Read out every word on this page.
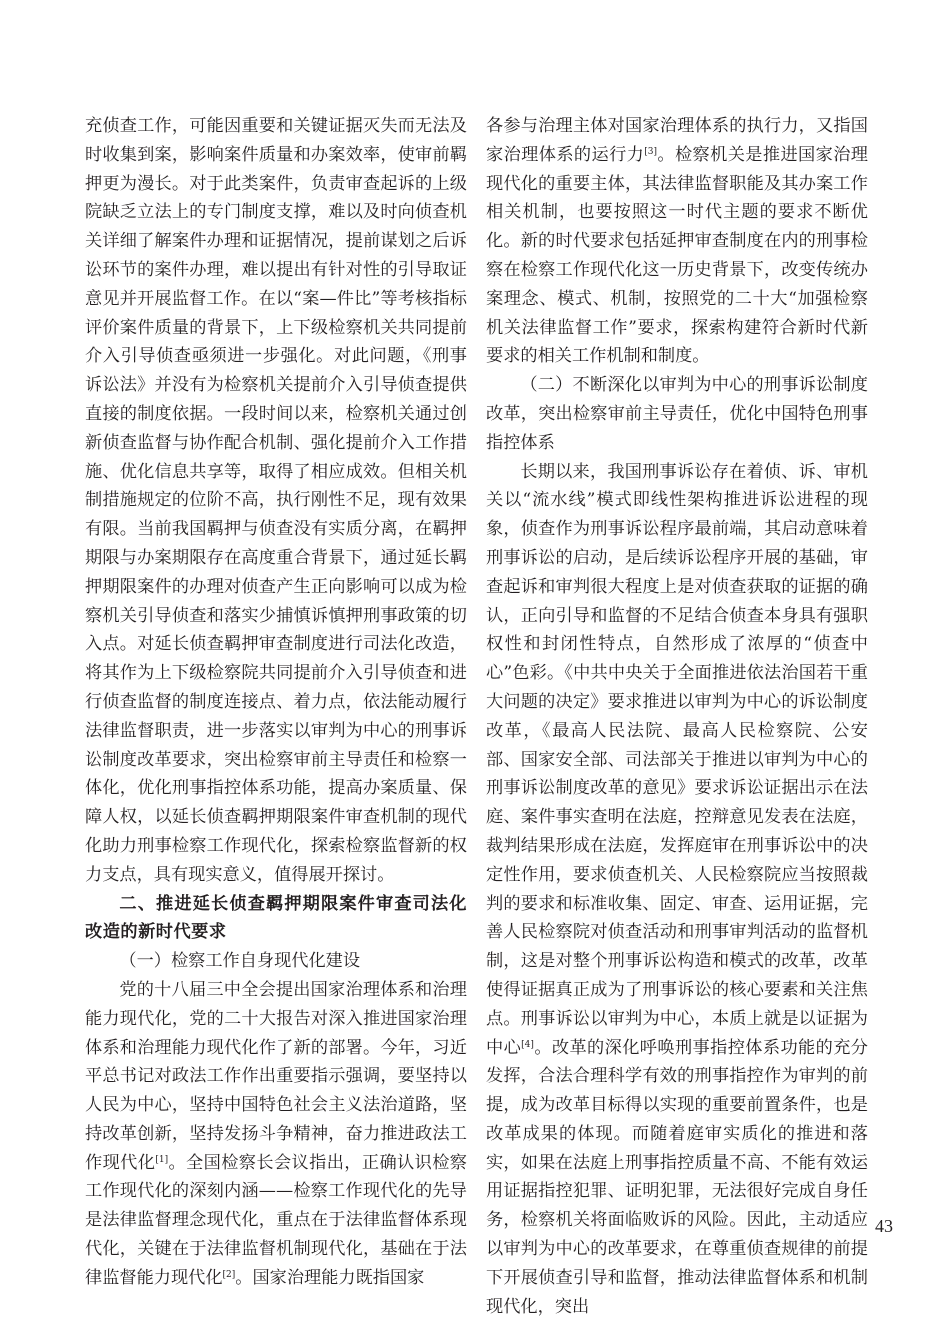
充侦查工作，可能因重要和关键证据灭失而无法及时收集到案，影响案件质量和办案效率，使审前羁押更为漫长。对于此类案件，负责审查起诉的上级院缺乏立法上的专门制度支撑，难以及时向侦查机关详细了解案件办理和证据情况，提前谋划之后诉讼环节的案件办理，难以提出有针对性的引导取证意见并开展监督工作。在以“案—件比”等考核指标评价案件质量的背景下，上下级检察机关共同提前介入引导侦查亟须进一步强化。对此问题，《刑事诉讼法》并没有为检察机关提前介入引导侦查提供直接的制度依据。一段时间以来，检察机关通过创新侦查监督与协作配合机制、强化提前介入工作措施、优化信息共享等，取得了相应成效。但相关机制措施规定的位阶不高，执行刚性不足，现有效果有限。当前我国羁押与侦查没有实质分离，在羁押期限与办案期限存在高度重合背景下，通过延长羁押期限案件的办理对侦查产生正向影响可以成为检察机关引导侦查和落实少捕慎诉慎押刑事政策的切入点。对延长侦查羁押审查制度进行司法化改造，将其作为上下级检察院共同提前介入引导侦查和进行侦查监督的制度连接点、着力点，依法能动履行法律监督职责，进一步落实以审判为中心的刑事诉讼制度改革要求，突出检察审前主导责任和检察一体化，优化刑事指控体系功能，提高办案质量、保障人权，以延长侦查羁押期限案件审查机制的现代化助力刑事检察工作现代化，探索检察监督新的权力支点，具有现实意义，值得展开探讨。

二、推进延长侦查羁押期限案件审查司法化改造的新时代要求
（一）检察工作自身现代化建设

党的十八届三中全会提出国家治理体系和治理能力现代化，党的二十大报告对深入推进国家治理体系和治理能力现代化作了新的部署。今年，习近平总书记对政法工作作出重要指示强调，要坚持以人民为中心，坚持中国特色社会主义法治道路，坚持改革创新，坚持发扬斗争精神，奋力推进政法工作现代化[1]。全国检察长会议指出，正确认识检察工作现代化的深刻内涵——检察工作现代化的先导是法律监督理念现代化，重点在于法律监督体系现代化，关键在于法律监督机制现代化，基础在于法律监督能力现代化[2]。国家治理能力既指国家

各参与治理主体对国家治理体系的执行力，又指国家治理体系的运行力[3]。检察机关是推进国家治理现代化的重要主体，其法律监督职能及其办案工作相关机制，也要按照这一时代主题的要求不断优化。新的时代要求包括延押审查制度在内的刑事检察在检察工作现代化这一历史背景下，改变传统办案理念、模式、机制，按照党的二十大“加强检察机关法律监督工作”要求，探索构建符合新时代新要求的相关工作机制和制度。

（二）不断深化以审判为中心的刑事诉讼制度改革，突出检察审前主导责任，优化中国特色刑事指控体系

长期以来，我国刑事诉讼存在着侦、诉、审机关以“流水线”模式即线性架构推进诉讼进程的现象，侦查作为刑事诉讼程序最前端，其启动意味着刑事诉讼的启动，是后续诉讼程序开展的基础，审查起诉和审判很大程度上是对侦查获取的证据的确认，正向引导和监督的不足结合侦查本身具有强职权性和封闭性特点，自然形成了浓厚的“侦查中心”色彩。《中共中央关于全面推进依法治国若干重大问题的决定》要求推进以审判为中心的诉讼制度改革，《最高人民法院、最高人民检察院、公安部、国家安全部、司法部关于推进以审判为中心的刑事诉讼制度改革的意见》要求诉讼证据出示在法庭、案件事实查明在法庭，控辩意见发表在法庭，裁判结果形成在法庭，发挥庭审在刑事诉讼中的决定性作用，要求侦查机关、人民检察院应当按照裁判的要求和标准收集、固定、审查、运用证据，完善人民检察院对侦查活动和刑事审判活动的监督机制，这是对整个刑事诉讼构造和模式的改革，改革使得证据真正成为了刑事诉讼的核心要素和关注焦点。刑事诉讼以审判为中心，本质上就是以证据为中心[4]。改革的深化呼唤刑事指控体系功能的充分发挥，合法合理科学有效的刑事指控作为审判的前提，成为改革目标得以实现的重要前置条件，也是改革成果的体现。而随着庭审实质化的推进和落实，如果在法庭上刑事指控质量不高、不能有效运用证据指控犯罪、证明犯罪，无法很好完成自身任务，检察机关将面临败诉的风险。因此，主动适应以审判为中心的改革要求，在尊重侦查规律的前提下开展侦查引导和监督，推动法律监督体系和机制现代化，突出

43
